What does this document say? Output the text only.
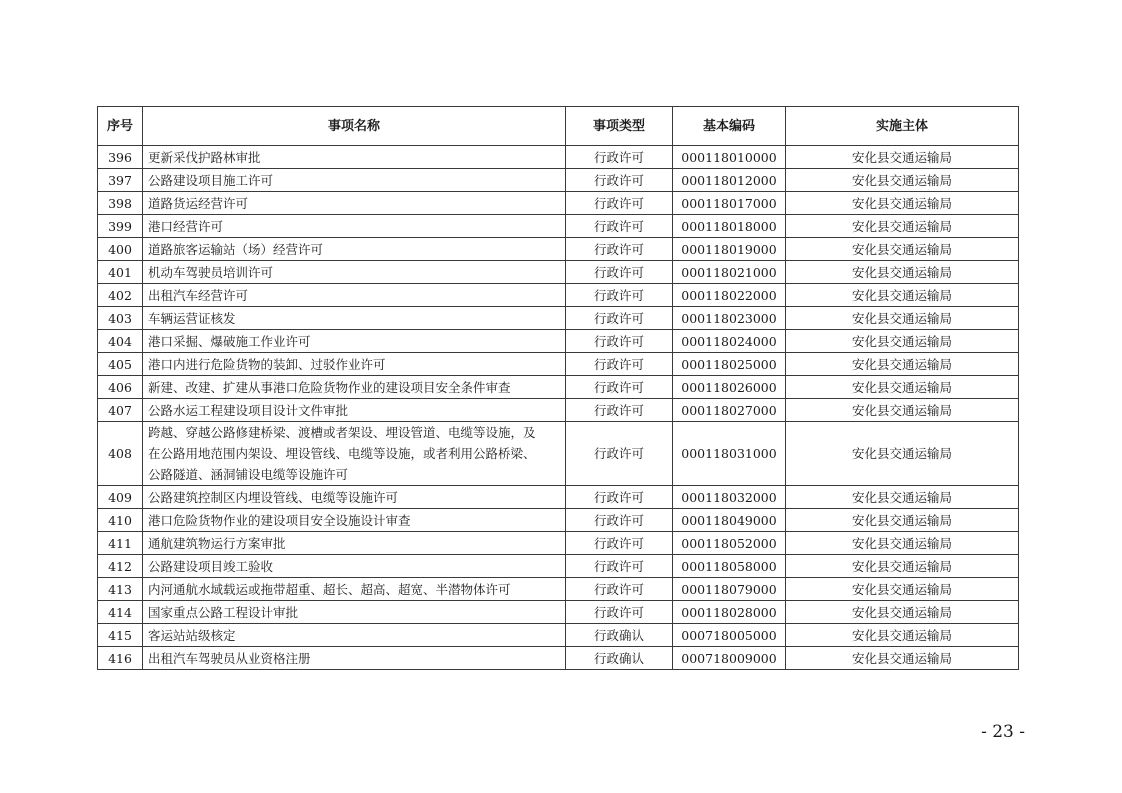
序号	事项名称	事项类型	基本编码	实施主体
396	更新采伐护路林审批	行政许可	000118010000	安化县交通运输局
397	公路建设项目施工许可	行政许可	000118012000	安化县交通运输局
398	道路货运经营许可	行政许可	000118017000	安化县交通运输局
399	港口经营许可	行政许可	000118018000	安化县交通运输局
400	道路旅客运输站（场）经营许可	行政许可	000118019000	安化县交通运输局
401	机动车驾驶员培训许可	行政许可	000118021000	安化县交通运输局
402	出租汽车经营许可	行政许可	000118022000	安化县交通运输局
403	车辆运营证核发	行政许可	000118023000	安化县交通运输局
404	港口采掘、爆破施工作业许可	行政许可	000118024000	安化县交通运输局
405	港口内进行危险货物的装卸、过驳作业许可	行政许可	000118025000	安化县交通运输局
406	新建、改建、扩建从事港口危险货物作业的建设项目安全条件审查	行政许可	000118026000	安化县交通运输局
407	公路水运工程建设项目设计文件审批	行政许可	000118027000	安化县交通运输局
408	跨越、穿越公路修建桥梁、渡槽或者架设、埋设管道、电缆等设施，及
在公路用地范围内架设、埋设管线、电缆等设施，或者利用公路桥梁、
公路隧道、涵洞铺设电缆等设施许可	行政许可	000118031000	安化县交通运输局
409	公路建筑控制区内埋设管线、电缆等设施许可	行政许可	000118032000	安化县交通运输局
410	港口危险货物作业的建设项目安全设施设计审查	行政许可	000118049000	安化县交通运输局
411	通航建筑物运行方案审批	行政许可	000118052000	安化县交通运输局
412	公路建设项目竣工验收	行政许可	000118058000	安化县交通运输局
413	内河通航水域载运或拖带超重、超长、超高、超宽、半潜物体许可	行政许可	000118079000	安化县交通运输局
414	国家重点公路工程设计审批	行政许可	000118028000	安化县交通运输局
415	客运站站级核定	行政确认	000718005000	安化县交通运输局
416	出租汽车驾驶员从业资格注册	行政确认	000718009000	安化县交通运输局
- 23 -
